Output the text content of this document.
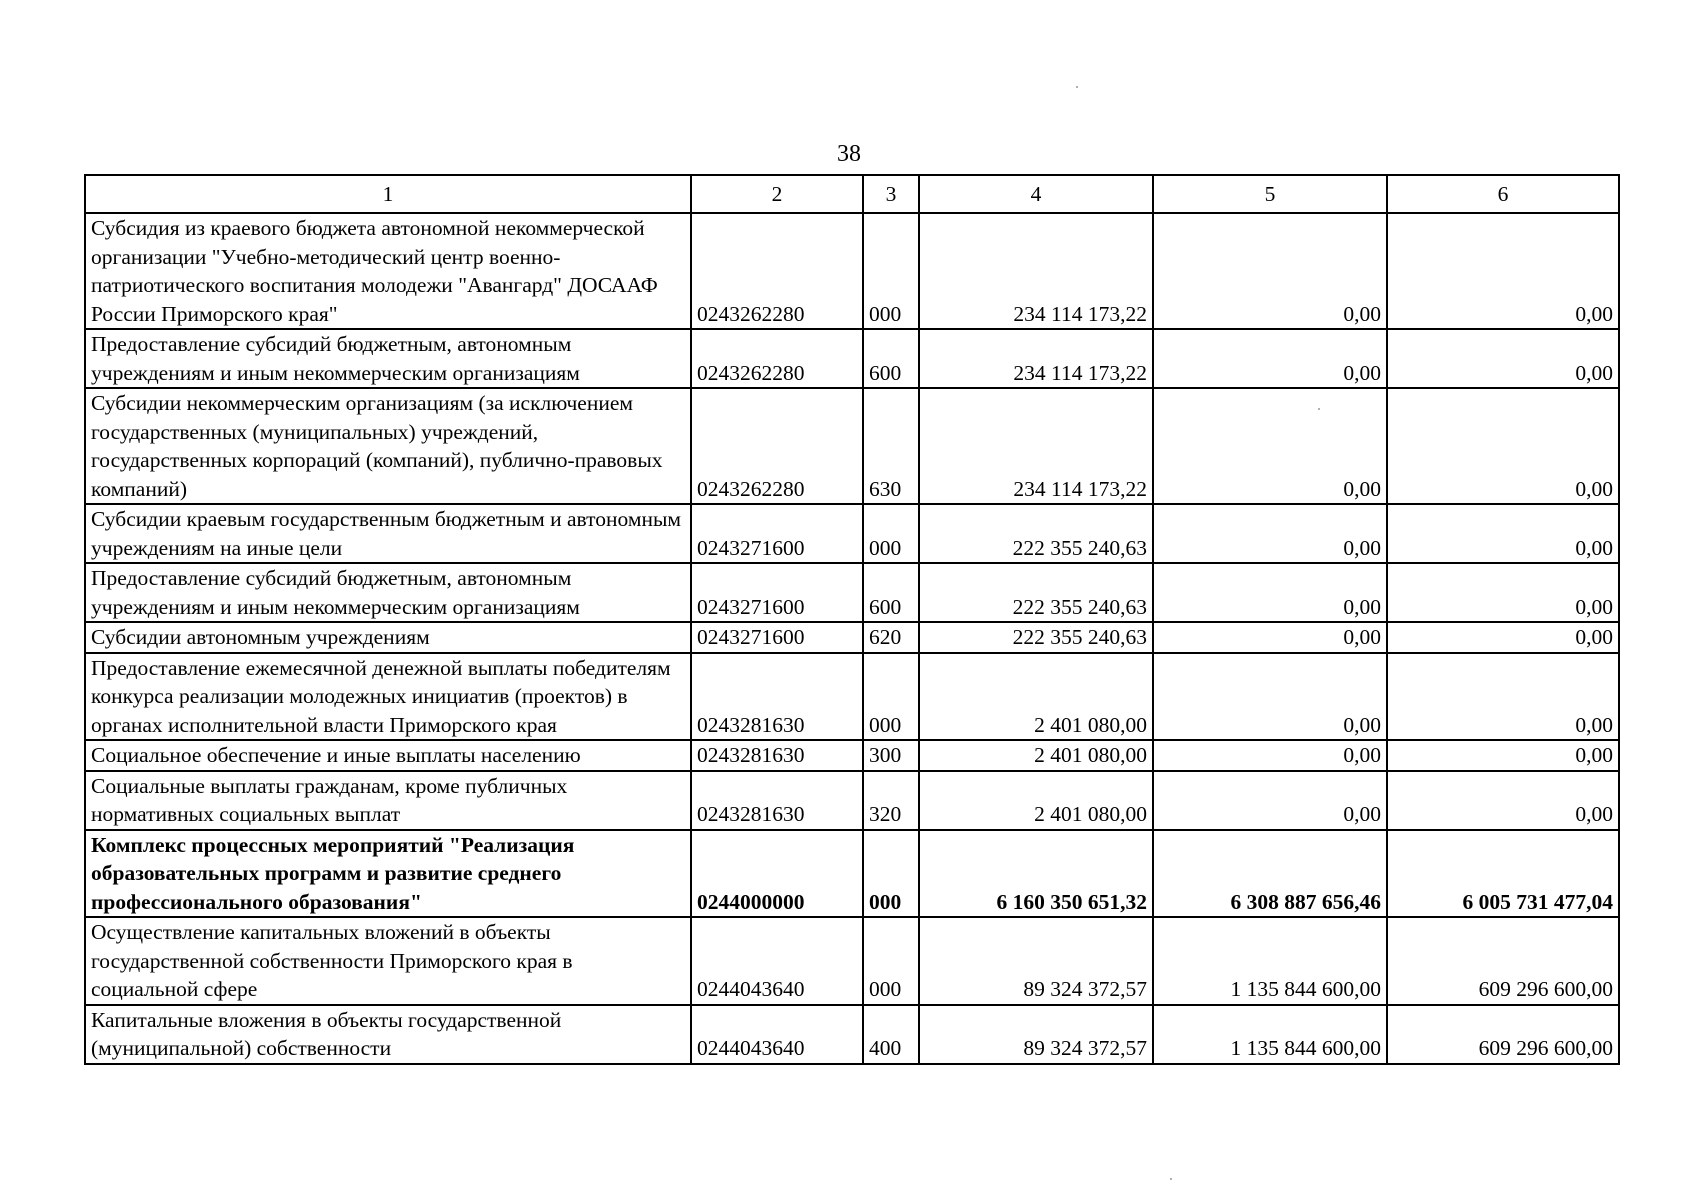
38
1	2	3	4	5	6
Субсидия из краевого бюджета автономной некоммерческой организации "Учебно-методический центр военно-патриотического воспитания молодежи "Авангард" ДОСААФ России Приморского края"	0243262280	000	234 114 173,22	0,00	0,00
Предоставление субсидий бюджетным, автономным учреждениям и иным некоммерческим организациям	0243262280	600	234 114 173,22	0,00	0,00
Субсидии некоммерческим организациям (за исключением государственных (муниципальных) учреждений, государственных корпораций (компаний), публично-правовых компаний)	0243262280	630	234 114 173,22	0,00	0,00
Субсидии краевым государственным бюджетным и автономным учреждениям на иные цели	0243271600	000	222 355 240,63	0,00	0,00
Предоставление субсидий бюджетным, автономным учреждениям и иным некоммерческим организациям	0243271600	600	222 355 240,63	0,00	0,00
Субсидии автономным учреждениям	0243271600	620	222 355 240,63	0,00	0,00
Предоставление ежемесячной денежной выплаты победителям конкурса реализации молодежных инициатив (проектов) в органах исполнительной власти Приморского края	0243281630	000	2 401 080,00	0,00	0,00
Социальное обеспечение и иные выплаты населению	0243281630	300	2 401 080,00	0,00	0,00
Социальные выплаты гражданам, кроме публичных нормативных социальных выплат	0243281630	320	2 401 080,00	0,00	0,00
Комплекс процессных мероприятий "Реализация образовательных программ и развитие среднего профессионального образования"	0244000000	000	6 160 350 651,32	6 308 887 656,46	6 005 731 477,04
Осуществление капитальных вложений в объекты государственной собственности Приморского края в социальной сфере	0244043640	000	89 324 372,57	1 135 844 600,00	609 296 600,00
Капитальные вложения в объекты государственной (муниципальной) собственности	0244043640	400	89 324 372,57	1 135 844 600,00	609 296 600,00
